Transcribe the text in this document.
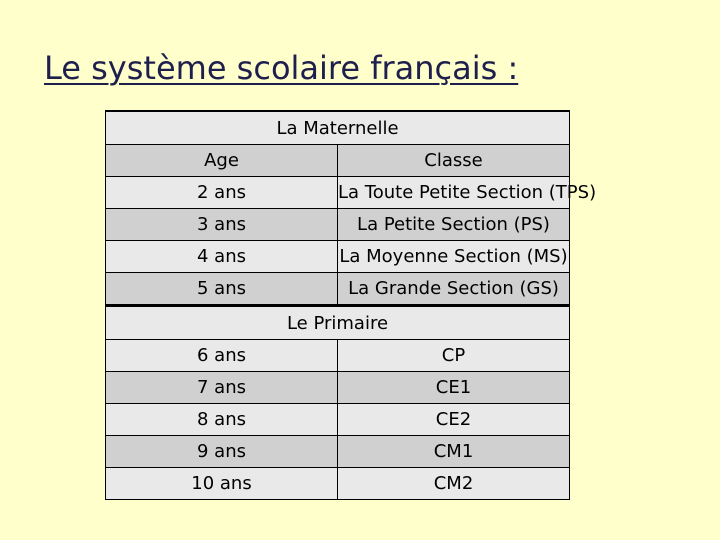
Le système scolaire français :
La Maternelle	
Age	Classe
2 ans	La Toute Petite Section (TPS)
3 ans	La Petite Section (PS)
4 ans	La Moyenne Section (MS)
5 ans	La Grande Section (GS)
Le Primaire	
6 ans	CP
7 ans	CE1
8 ans	CE2
9 ans	CM1
10 ans	CM2
